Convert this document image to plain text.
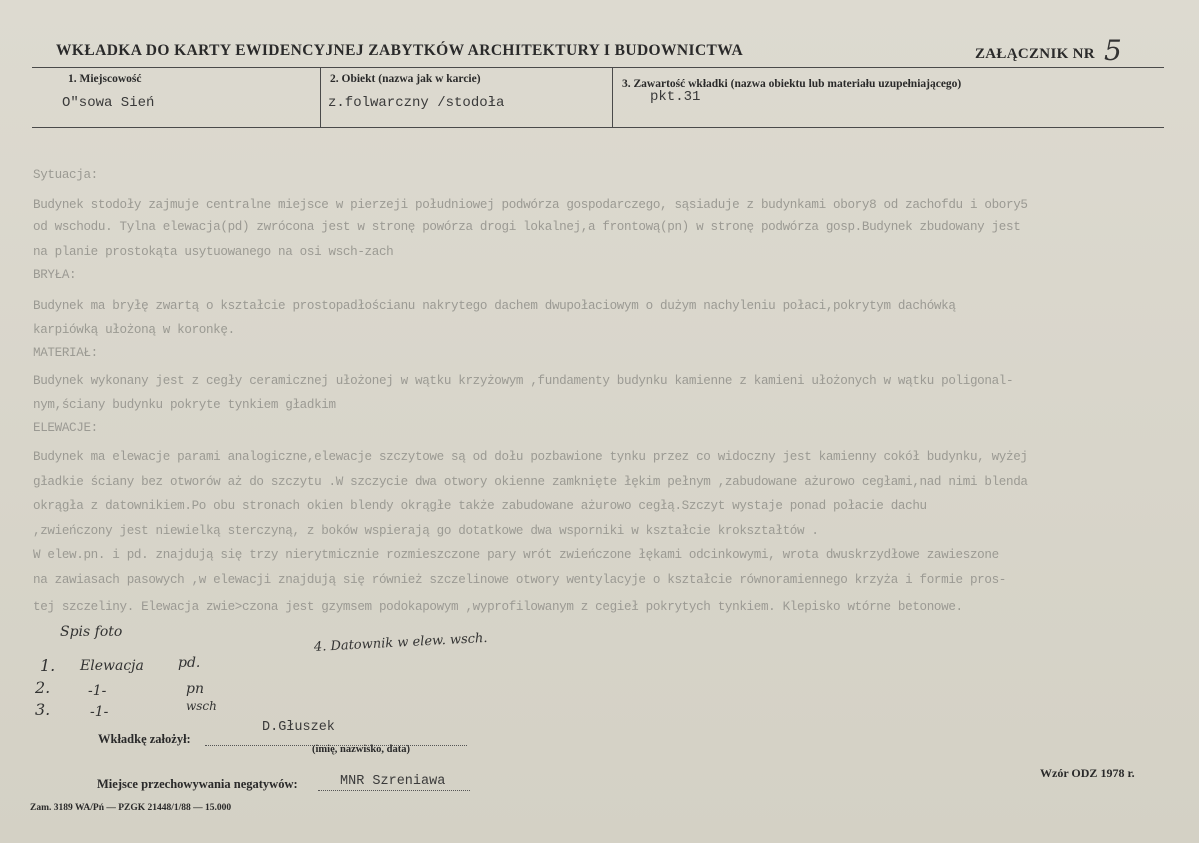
WKŁADKA DO KARTY EWIDENCYJNEJ ZABYTKÓW ARCHITEKTURY I BUDOWNICTWA	ZAŁĄCZNIK NR 5
1. Miejscowość
O"sowa Sień
2. Obiekt (nazwa jak w karcie)
z.folwarczny /stodoła
3. Zawartość wkładki (nazwa obiektu lub materiału uzupełniającego)
pkt.31
Sytuacja:
Budynek stodoły zajmuje centralne miejsce w pierzeji południowej podwórza gospodarczego, sąsiaduje z budynkami obory8 od zachofdu i obory5
od wschodu. Tylna elewacja(pd) zwrócona jest w stronę powórza drogi lokalnej,a frontową(pn) w stronę podwórza gosp.Budynek zbudowany jest
na planie prostokąta usytuowanego na osi wsch-zach
BRYŁA:
Budynek ma bryłę zwartą o kształcie prostopadłościanu nakrytego dachem dwupołaciowym o dużym nachyleniu połaci,pokrytym dachówką
karpiówką ułożoną w koronkę.
MATERIAŁ:
Budynek wykonany jest z cegły ceramicznej ułożonej w wątku krzyżowym ,fundamenty budynku kamienne z kamieni ułożonych w wątku poligonal-
nym,ściany budynku pokryte tynkiem gładkim
ELEWACJE:
Budynek ma elewacje parami analogiczne,elewacje szczytowe są od dołu pozbawione tynku przez co widoczny jest kamienny cokół budynku, wyżej
gładkie ściany bez otworów aż do szczytu .W szczycie dwa otwory okienne zamknięte łękim pełnym ,zabudowane ażurowo cegłami,nad nimi blenda
okrągła z datownikiem.Po obu stronach okien blendy okrągłe także zabudowane ażurowo cegłą.Szczyt wystaje ponad połacie dachu
,zwieńczony jest niewielką sterczyną, z boków wspierają go dotatkowe dwa wsporniki w kształcie krokształtów .
W elew.pn. i pd. znajdują się trzy nierytmicznie rozmieszczone pary wrót zwieńczone łękami odcinkowymi, wrota dwuskrzydłowe zawieszone
na zawiasach pasowych ,w elewacji znajdują się również szczelinowe otwory wentylacyje o kształcie równoramiennego krzyża i formie pros-
tej szczeliny. Elewacja zwie>czona jest gzymsem podokapowym ,wyprofilowanym z cegieł pokrytych tynkiem. Klepisko wtórne betonowe.
Spis foto
1. Elewacja pd.
2.	-1-	pn
3.	-1-	wsch
4. Datownik w elew. wsch.
Wkładkę założył:
D.Głuszek
(imię, nazwisko, data)
Miejsce przechowywania negatywów:	MNR Szreniawa
Wzór ODZ 1978 r.
Zam. 3189 WA/Pń — PZGK 21448/1/88 — 15.000
